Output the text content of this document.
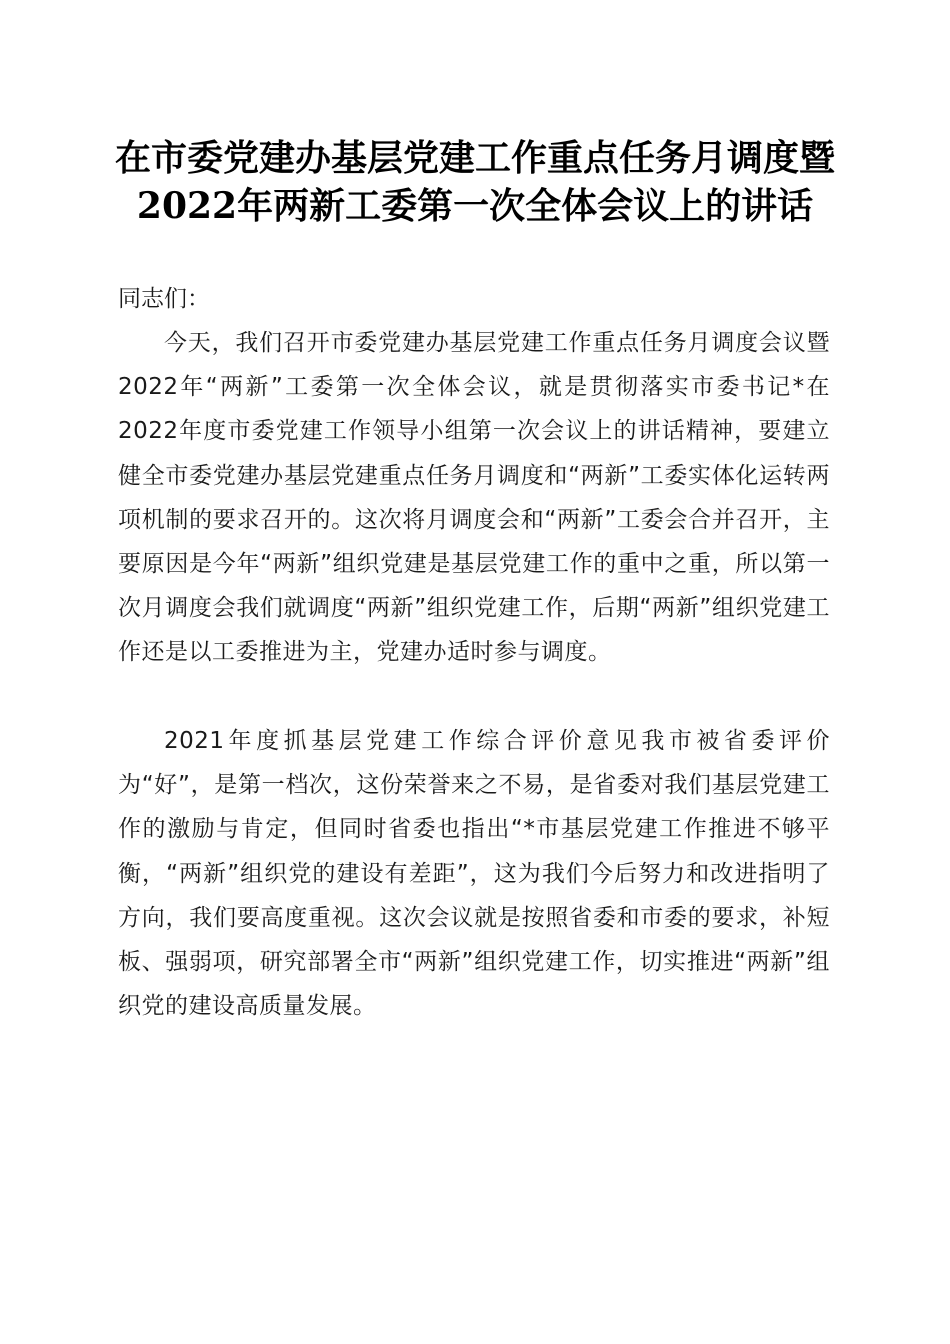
在市委党建办基层党建工作重点任务月调度暨
2022年两新工委第一次全体会议上的讲话
同志们：

今天，我们召开市委党建办基层党建工作重点任务月调度会议暨2022年“两新”工委第一次全体会议，就是贯彻落实市委书记*在2022年度市委党建工作领导小组第一次会议上的讲话精神，要建立健全市委党建办基层党建重点任务月调度和“两新”工委实体化运转两项机制的要求召开的。这次将月调度会和“两新”工委会合并召开，主要原因是今年“两新”组织党建是基层党建工作的重中之重，所以第一次月调度会我们就调度“两新”组织党建工作，后期“两新”组织党建工作还是以工委推进为主，党建办适时参与调度。

2021年度抓基层党建工作综合评价意见我市被省委评价为“好”，是第一档次，这份荣誉来之不易，是省委对我们基层党建工作的激励与肯定，但同时省委也指出“*市基层党建工作推进不够平衡，“两新”组织党的建设有差距”，这为我们今后努力和改进指明了方向，我们要高度重视。这次会议就是按照省委和市委的要求，补短板、强弱项，研究部署全市“两新”组织党建工作，切实推进“两新”组织党的建设高质量发展。
